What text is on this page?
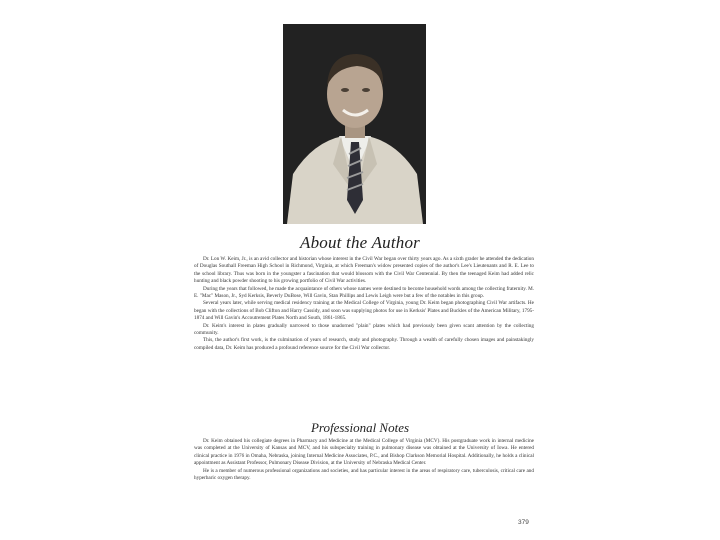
About the Author

Dr. Lon W. Keim, Jr., is an avid collector and historian whose interest in the Civil War began over thirty years ago. As a sixth grader he attended the dedication of Douglas Southall Freeman High School in Richmond, Virginia, at which Freeman's widow presented copies of the author's Lee's Lieutenants and R. E. Lee to the school library. Thus was born in the youngster a fascination that would blossom with the Civil War Centennial. By then the teenaged Keim had added relic hunting and black powder shooting to his growing portfolio of Civil War activities.

During the years that followed, he made the acquaintance of others whose names were destined to become household words among the collecting fraternity. M. E. "Mac" Mason, Jr., Syd Kerksis, Beverly DuBose, Will Gavin, Stan Phillips and Lewis Leigh were but a few of the notables in this group.

Several years later, while serving medical residency training at the Medical College of Virginia, young Dr. Keim began photographing Civil War artifacts. He began with the collections of Bob Clifton and Harry Cassidy, and soon was supplying photos for use in Kerksis' Plates and Buckles of the American Military, 1795-1874 and Will Gavin's Accoutrement Plates North and South, 1861-1865.

Dr. Keim's interest in plates gradually narrowed to those unadorned "plain" plates which had previously been given scant attention by the collecting community.

This, the author's first work, is the culmination of years of research, study and photography. Through a wealth of carefully chosen images and painstakingly compiled data, Dr. Keim has produced a profound reference source for the Civil War collector.

Professional Notes

Dr. Keim obtained his collegiate degrees in Pharmacy and Medicine at the Medical College of Virginia (MCV). His postgraduate work in internal medicine was completed at the University of Kansas and MCV, and his subspecialty training in pulmonary disease was obtained at the University of Iowa. He entered clinical practice in 1976 in Omaha, Nebraska, joining Internal Medicine Associates, P.C., and Bishop Clarkson Memorial Hospital. Additionally, he holds a clinical appointment as Assistant Professor, Pulmonary Disease Division, at the University of Nebraska Medical Center.

He is a member of numerous professional organizations and societies, and has particular interest in the areas of respiratory care, tuberculosis, critical care and hyperbaric oxygen therapy.

379
